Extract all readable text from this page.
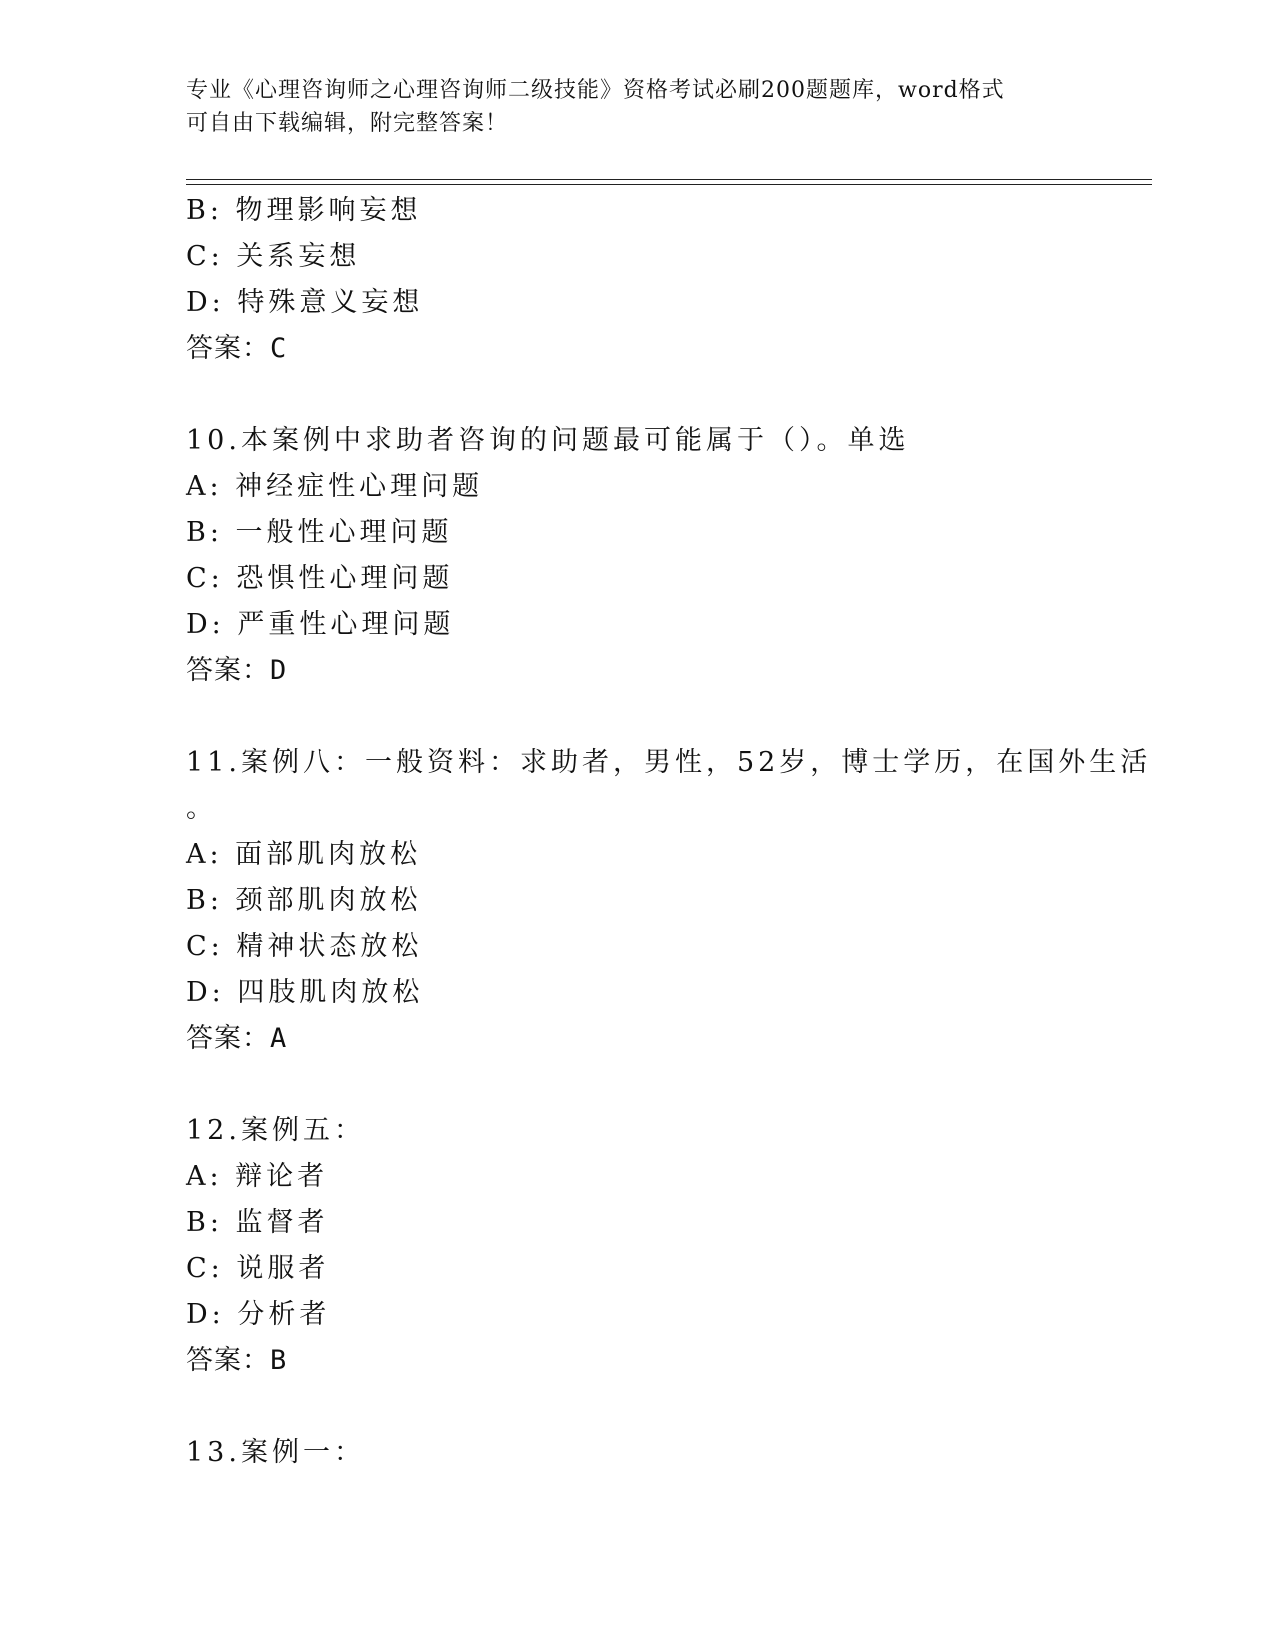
专业《心理咨询师之心理咨询师二级技能》资格考试必刷200题题库，word格式
可自由下载编辑，附完整答案！
B: 物理影响妄想
C: 关系妄想
D: 特殊意义妄想
答案：C
10.本案例中求助者咨询的问题最可能属于（）。单选
A: 神经症性心理问题
B: 一般性心理问题
C: 恐惧性心理问题
D: 严重性心理问题
答案：D
11.案例八：一般资料：求助者，男性，52岁，博士学历，在国外生活
。
A: 面部肌肉放松
B: 颈部肌肉放松
C: 精神状态放松
D: 四肢肌肉放松
答案：A
12.案例五：
A: 辩论者
B: 监督者
C: 说服者
D: 分析者
答案：B
13.案例一：
